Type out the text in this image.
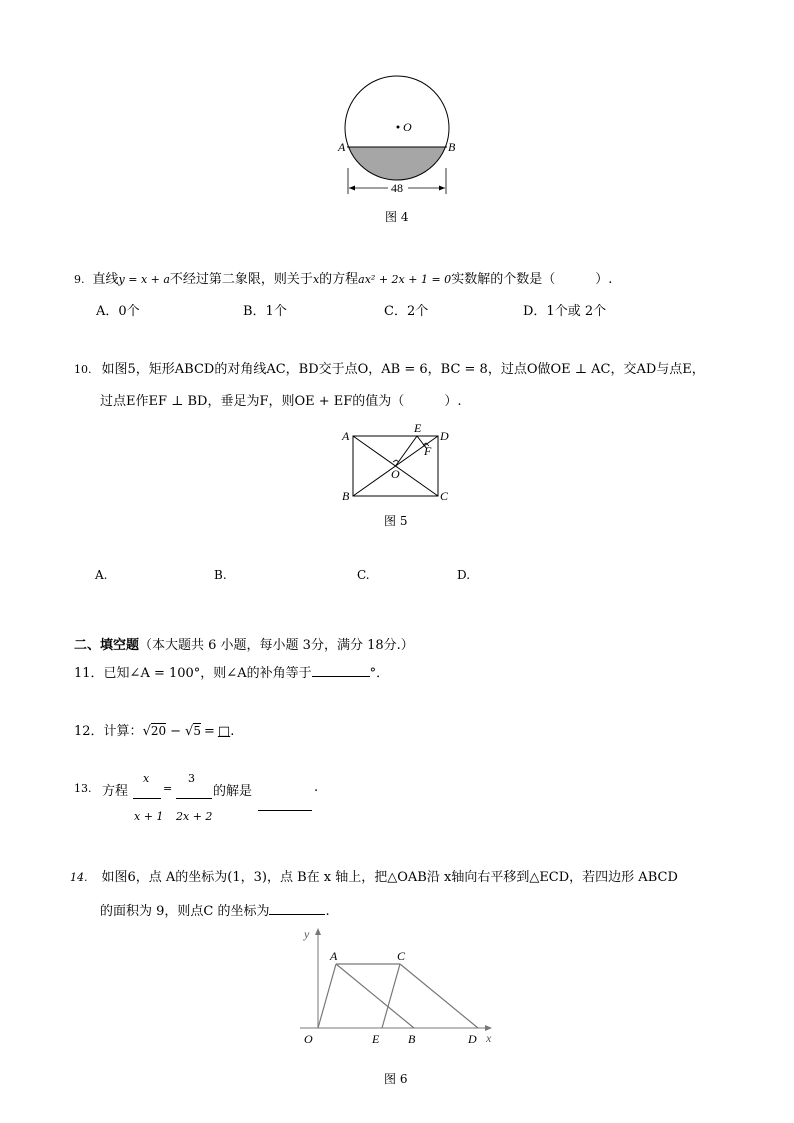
O
A	B
48
图 4
9. 直线y = x + a不经过第二象限，则关于x的方程ax² + 2x + 1 = 0实数解的个数是（	）.
A．0个	B．1个	C．2个	D．1个或 2个
10. 如图5，矩形ABCD的对角线AC，BD交于点O，AB = 6，BC = 8，过点O做OE ⊥ AC，交AD与点E，
过点E作EF ⊥ BD，垂足为F，则OE + EF的值为（	）.
A	D
E
F
O
B	C
图 5
A.	B.	C.	D.
二、填空题（本大题共 6 小题，每小题 3分，满分 18分.）
11．已知∠A = 100°，则∠A的补角等于	°．
12．计算：√20 − √5 = □.
13. 方程
x
x + 1
=
3
2x + 2
的解是	.
14. 如图6，点 A的坐标为(1，3)，点 B在 x 轴上，把△OAB沿 x轴向右平移到△ECD，若四边形 ABCD
的面积为 9，则点C 的坐标为	.
y
x
O
A	C
E B	D
图 6
